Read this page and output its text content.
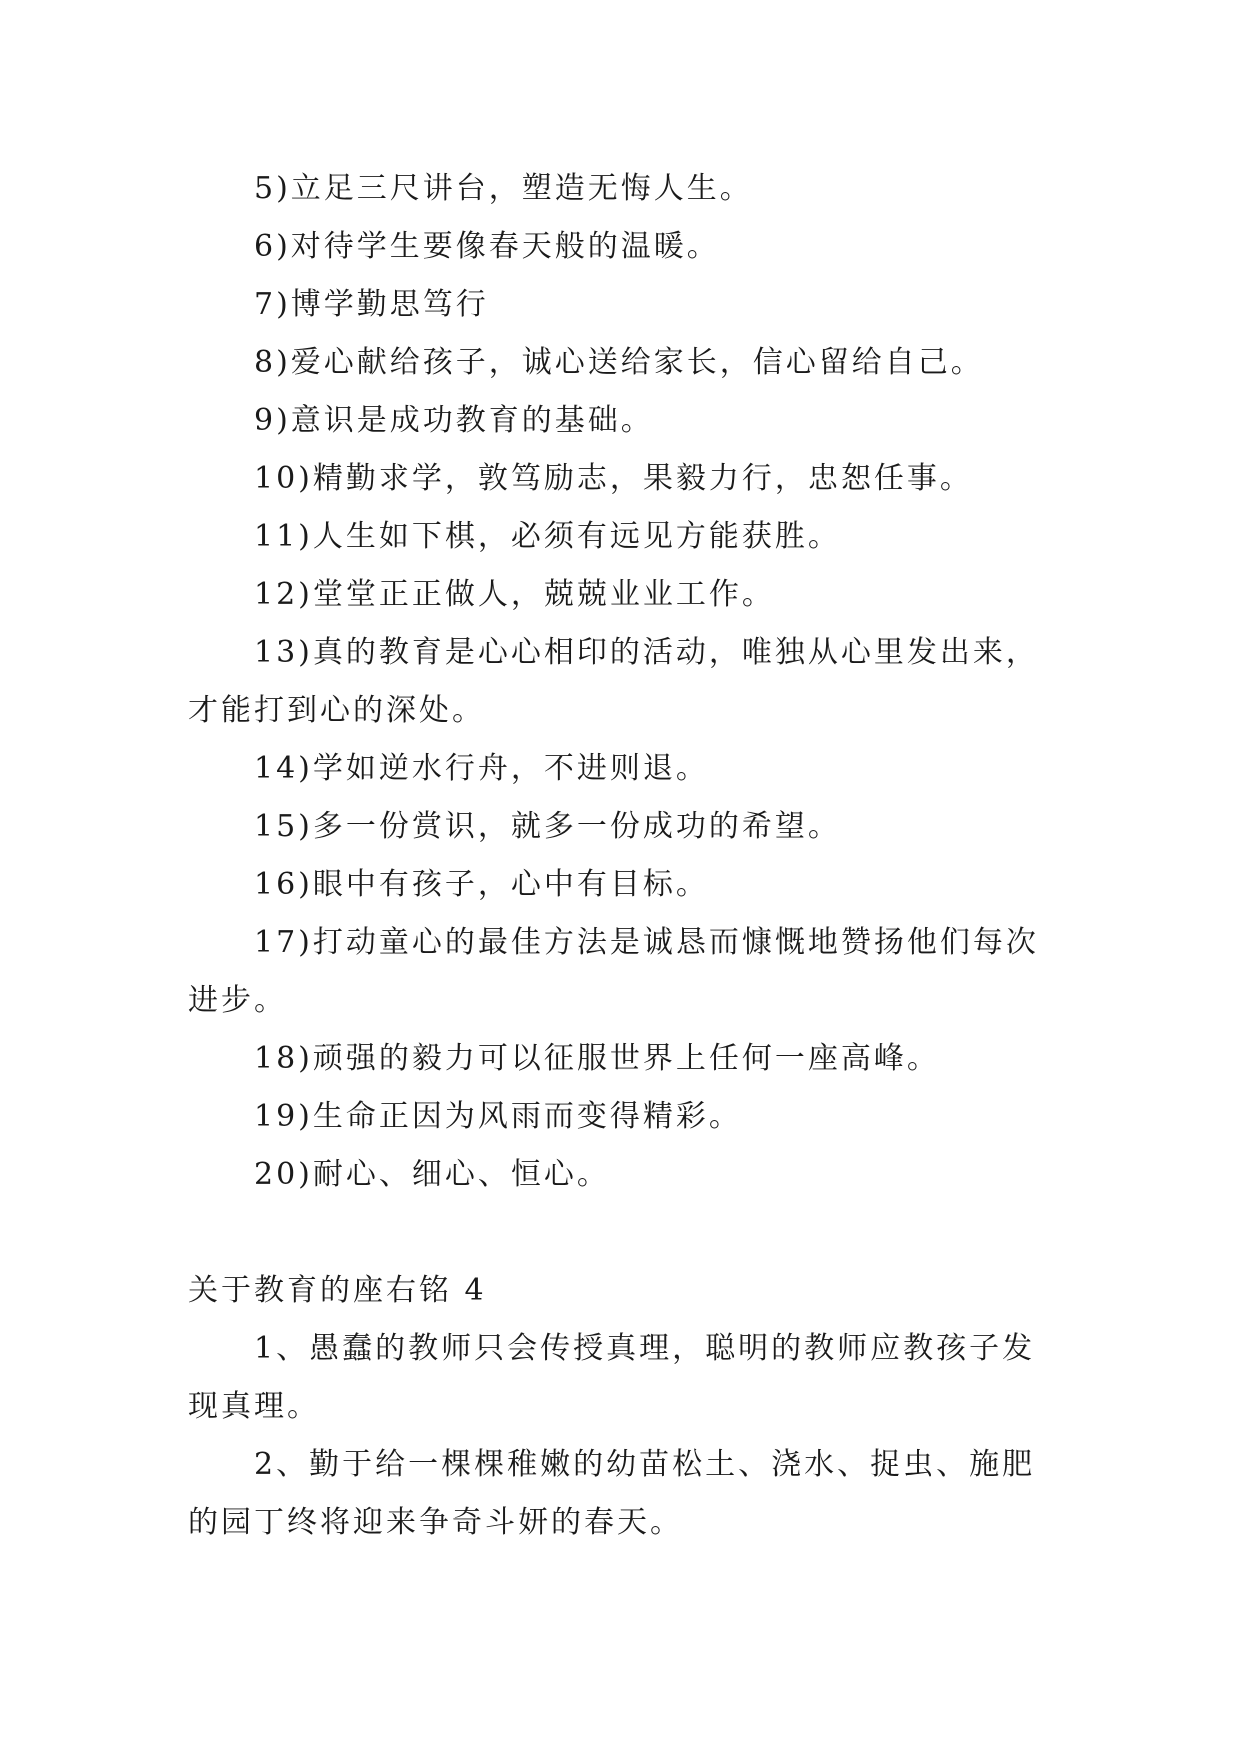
5)立足三尺讲台，塑造无悔人生。
6)对待学生要像春天般的温暖。
7)博学勤思笃行
8)爱心献给孩子，诚心送给家长，信心留给自己。
9)意识是成功教育的基础。
10)精勤求学，敦笃励志，果毅力行，忠恕任事。
11)人生如下棋，必须有远见方能获胜。
12)堂堂正正做人，兢兢业业工作。
13)真的教育是心心相印的活动，唯独从心里发出来，
才能打到心的深处。
14)学如逆水行舟，不进则退。
15)多一份赏识，就多一份成功的希望。
16)眼中有孩子，心中有目标。
17)打动童心的最佳方法是诚恳而慷慨地赞扬他们每次
进步。
18)顽强的毅力可以征服世界上任何一座高峰。
19)生命正因为风雨而变得精彩。
20)耐心、细心、恒心。
关于教育的座右铭 4
1、愚蠢的教师只会传授真理，聪明的教师应教孩子发
现真理。
2、勤于给一棵棵稚嫩的幼苗松土、浇水、捉虫、施肥
的园丁终将迎来争奇斗妍的春天。
